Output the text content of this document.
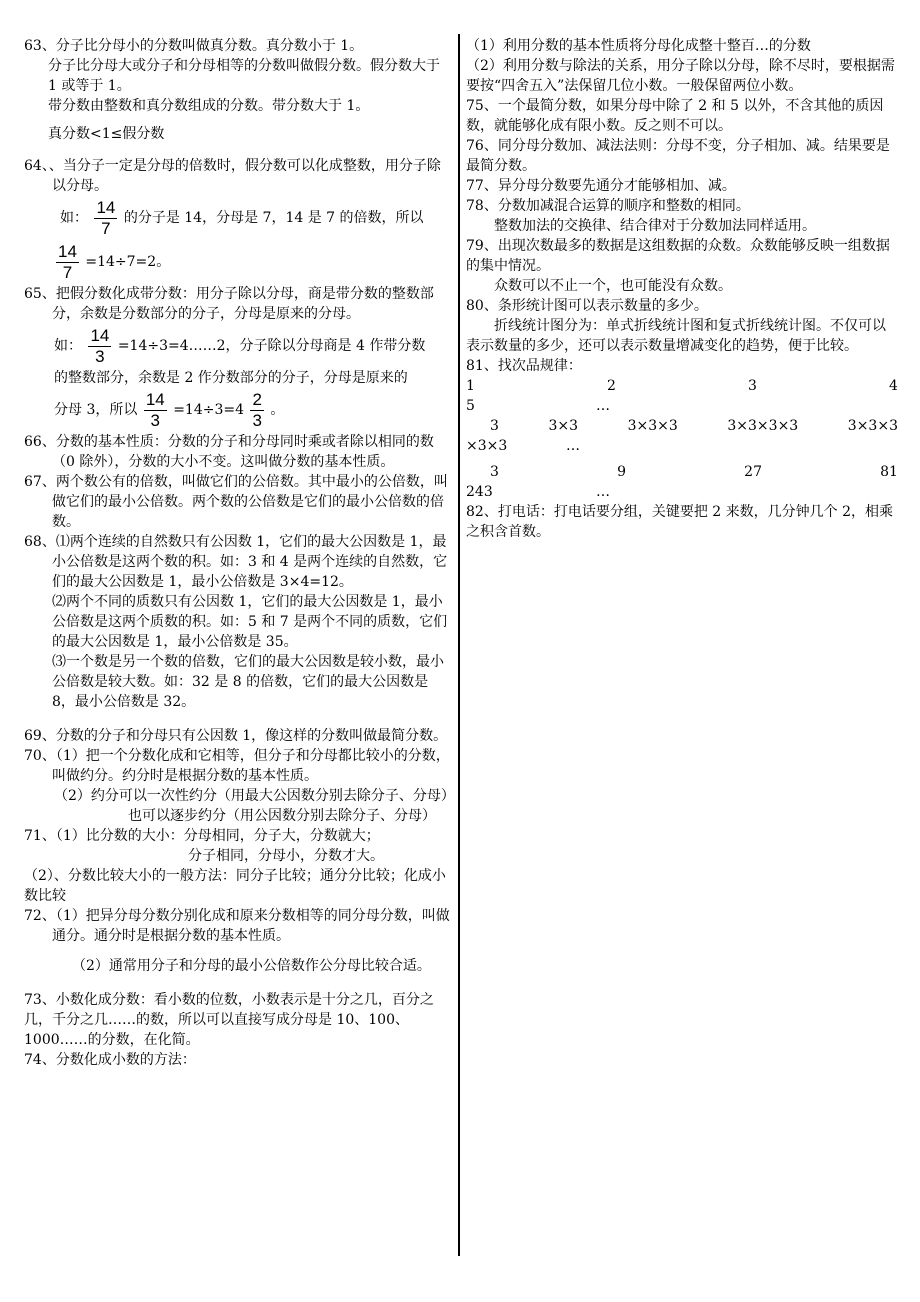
63、分子比分母小的分数叫做真分数。真分数小于 1。

分子比分母大或分子和分母相等的分数叫做假分数。假分数大于 1 或等于 1。

带分数由整数和真分数组成的分数。带分数大于 1。

真分数<1≤假分数

64、、当分子一定是分母的倍数时，假分数可以化成整数，用分子除以分母。

如： $\frac{14}{7}$ 的分子是 14，分母是 7，14 是 7 的倍数，所以

$\frac{14}{7} =14\div 7=2$。

65、把假分数化成带分数：用分子除以分母，商是带分数的整数部分，余数是分数部分的分子，分母是原来的分母。

如： $\frac{14}{3}$ =14÷3=4……2，分子除以分母商是 4 作带分数

的整数部分，余数是 2 作分数部分的分子，分母是原来的

分母 3，所以 $\frac{14}{3} =14\div 3=4 \frac{2}{3}$ 。

66、分数的基本性质：分数的分子和分母同时乘或者除以相同的数（0 除外），分数的大小不变。这叫做分数的基本性质。

67、两个数公有的倍数，叫做它们的公倍数。其中最小的公倍数，叫做它们的最小公倍数。两个数的公倍数是它们的最小公倍数的倍数。

68、⑴两个连续的自然数只有公因数 1，它们的最大公因数是 1，最小公倍数是这两个数的积。如：3 和 4 是两个连续的自然数，它们的最大公因数是 1，最小公倍数是 3×4=12。

⑵两个不同的质数只有公因数 1，它们的最大公因数是 1，最小公倍数是这两个质数的积。如：5 和 7 是两个不同的质数，它们的最大公因数是 1，最小公倍数是 35。

⑶一个数是另一个数的倍数，它们的最大公因数是较小数，最小公倍数是较大数。如：32 是 8 的倍数，它们的最大公因数是 8，最小公倍数是 32。

69、分数的分子和分母只有公因数 1，像这样的分数叫做最简分数。

70、（1）把一个分数化成和它相等，但分子和分母都比较小的分数，叫做约分。约分时是根据分数的基本性质。

（2）约分可以一次性约分（用最大公因数分别去除分子、分母）

也可以逐步约分（用公因数分别去除分子、分母）

71、（1）比分数的大小：分母相同，分子大，分数就大；

分子相同，分母小，分数才大。

（2）、分数比较大小的一般方法：同分子比较；通分分比较；化成小数比较

72、（1）把异分母分数分别化成和原来分数相等的同分母分数，叫做通分。通分时是根据分数的基本性质。

（2）通常用分子和分母的最小公倍数作公分母比较合适。

73、小数化成分数：看小数的位数，小数表示是十分之几，百分之几，千分之几……的数，所以可以直接写成分母是 10、100、1000……的分数，在化简。

74、分数化成小数的方法：

（1）利用分数的基本性质将分母化成整十整百…的分数

（2）利用分数与除法的关系，用分子除以分母，除不尽时，要根据需要按“四舍五入”法保留几位小数。一般保留两位小数。

75、一个最简分数，如果分母中除了 2 和 5 以外，不含其他的质因数，就能够化成有限小数。反之则不可以。

76、同分母分数加、减法法则：分母不变，分子相加、减。结果要是最简分数。

77、异分母分数要先通分才能够相加、减。

78、分数加减混合运算的顺序和整数的相同。

整数加法的交换律、结合律对于分数加法同样适用。

79、出现次数最多的数据是这组数据的众数。众数能够反映一组数据的集中情况。

众数可以不止一个，也可能没有众数。

80、条形统计图可以表示数量的多少。

折线统计图分为：单式折线统计图和复式折线统计图。不仅可以表示数量的多少，还可以表示数量增减变化的趋势，便于比较。

81、找次品规律：

1	2	3	4
5	…
3	3×3	3×3×3	3×3×3×3	3×3×3
×3×3	…
3	9	27	81
243	…

82、打电话：打电话要分组，关键要把 2 来数，几分钟几个 2，相乘之积含首数。
